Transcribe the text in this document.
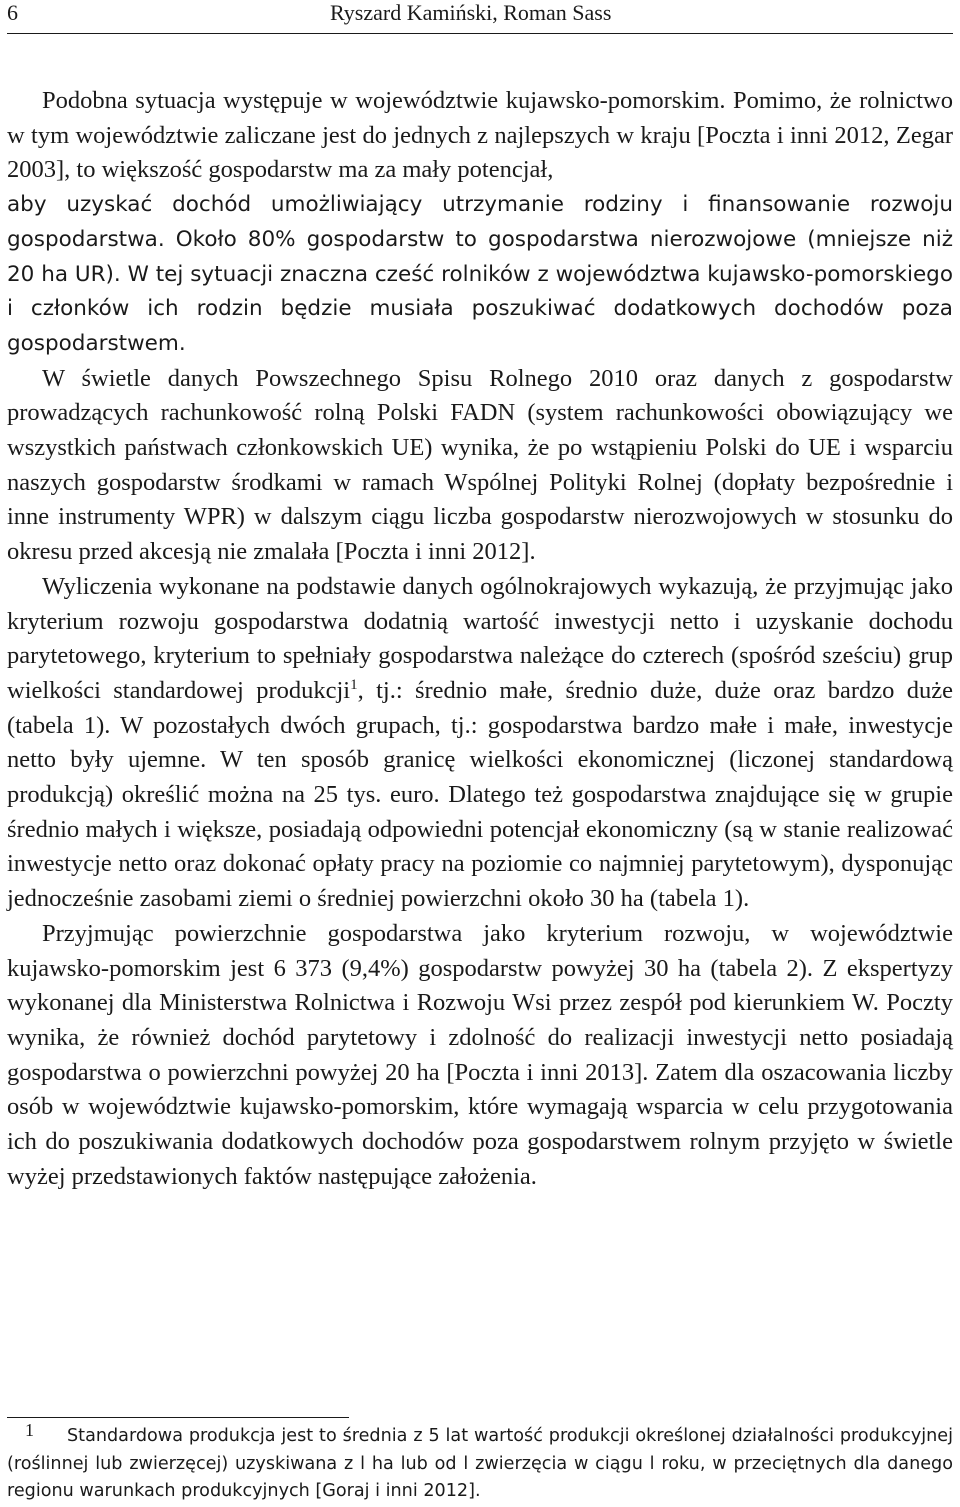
6	Ryszard Kamiński, Roman Sass

Podobna sytuacja występuje w województwie kujawsko-pomorskim. Pomimo, że rolnictwo w tym województwie zaliczane jest do jednych z najlepszych w kraju [Poczta i inni 2012, Zegar 2003], to większość gospodarstw ma za mały potencjał,

aby uzyskać dochód umożliwiający utrzymanie rodziny i finansowanie rozwoju gospodarstwa. Około 80% gospodarstw to gospodarstwa nierozwojowe (mniejsze niż 20 ha UR). W tej sytuacji znaczna cześć rolników z województwa kujawsko-pomorskiego i członków ich rodzin będzie musiała poszukiwać dodatkowych dochodów poza gospodarstwem.

W świetle danych Powszechnego Spisu Rolnego 2010 oraz danych z gospodarstw prowadzących rachunkowość rolną Polski FADN (system rachunkowości obowiązujący we wszystkich państwach członkowskich UE) wynika, że po wstąpieniu Polski do UE i wsparciu naszych gospodarstw środkami w ramach Wspólnej Polityki Rolnej (dopłaty bezpośrednie i inne instrumenty WPR) w dalszym ciągu liczba gospodarstw nierozwojowych w stosunku do okresu przed akcesją nie zmalała [Poczta i inni 2012].

Wyliczenia wykonane na podstawie danych ogólnokrajowych wykazują, że przyjmując jako kryterium rozwoju gospodarstwa dodatnią wartość inwestycji netto i uzyskanie dochodu parytetowego, kryterium to spełniały gospodarstwa należące do czterech (spośród sześciu) grup wielkości standardowej produkcji$^1$, tj.: średnio małe, średnio duże, duże oraz bardzo duże (tabela 1). W pozostałych dwóch grupach, tj.: gospodarstwa bardzo małe i małe, inwestycje netto były ujemne. W ten sposób granicę wielkości ekonomicznej (liczonej standardową produkcją) określić można na 25 tys. euro. Dlatego też gospodarstwa znajdujące się w grupie średnio małych i większe, posiadają odpowiedni potencjał ekonomiczny (są w stanie realizować inwestycje netto oraz dokonać opłaty pracy na poziomie co najmniej parytetowym), dysponując jednocześnie zasobami ziemi o średniej powierzchni około 30 ha (tabela 1).

Przyjmując powierzchnie gospodarstwa jako kryterium rozwoju, w województwie kujawsko-pomorskim jest 6 373 (9,4%) gospodarstw powyżej 30 ha (tabela 2). Z ekspertyzy wykonanej dla Ministerstwa Rolnictwa i Rozwoju Wsi przez zespół pod kierunkiem W. Poczty wynika, że również dochód parytetowy i zdolność do realizacji inwestycji netto posiadają gospodarstwa o powierzchni powyżej 20 ha [Poczta i inni 2013]. Zatem dla oszacowania liczby osób w województwie kujawsko-pomorskim, które wymagają wsparcia w celu przygotowania ich do poszukiwania dodatkowych dochodów poza gospodarstwem rolnym przyjęto w świetle wyżej przedstawionych faktów następujące założenia.

1 Standardowa produkcja jest to średnia z 5 lat wartość produkcji określonej działalności produkcyjnej (roślinnej lub zwierzęcej) uzyskiwana z l ha lub od l zwierzęcia w ciągu l roku, w przeciętnych dla danego regionu warunkach produkcyjnych [Goraj i inni 2012].
